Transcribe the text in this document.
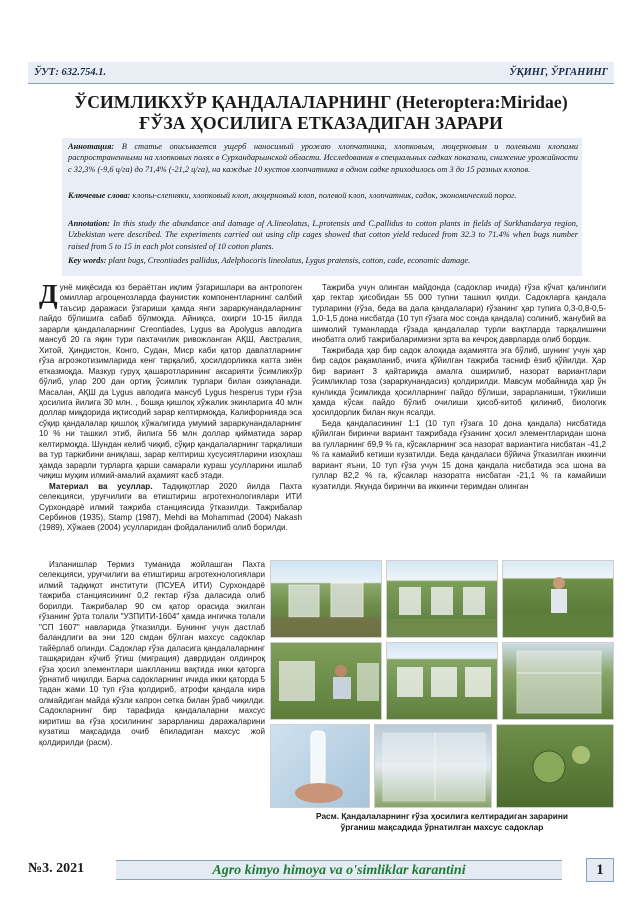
ЎУТ: 632.754.1.	ЎҚИНГ, ЎРГАНИНГ
ЎСИМЛИКХЎР ҚАНДАЛАЛАРНИНГ (Heteroptera:Miridae)
ҒЎЗА ҲОСИЛИГА ЕТКАЗАДИГАН ЗАРАРИ

Аннотация: В статье описывается ущерб наносимый урожаю хлопчатника, хлопковым, люцерновым и полевыми клопами распространенными на хлопковых полях в Сурхандарьинской области. Исследования в специальных садках показали, снижение урожайности с 32,3% (-9,6 ц/га) до 71,4% (-21,2 ц/га), на каждые 10 кустов хлопчатника в одном садке приходилось от 3 до 15 разных клопов.

Ключевые слова: клопы-слепняки, хлопковый клоп, люцерновый клоп, полевой клоп, хлопчатник, садок, экономический порог.

Annotation: In this study the abundance and damage of A.lineolatus, L.protensis and C.pallidus to cotton plants in fields of Surkhandarya region, Uzbekistan were described. The experiments carried out using clip cages showed that cotton yield reduced from 32.3 to 71.4% when bugs number raised from 5 to 15 in each plot consisted of 10 cotton plants.

Key words: plant bugs, Creontiades pallidus, Adelphocoris lineolatus, Lygus pratensis, cotton, cade, economic damage.

Дунё миқёсида юз бераётган иқлим ўзгаришлари ва антропоген омиллар агроценозларда фаунистик компонентларнинг салбий таъсир даражаси ўзгариши ҳамда янги зараркунандаларнинг пайдо бўлишига сабаб бўлмоқда. Айниқса, охирги 10-15 йилда зарарли қандалаларнинг Creontiades, Lygus ва Apolygus авлодига мансуб 20 га яқин тури пахтачилик ривожланган АҚШ, Австралия, Хитой, Ҳиндистон, Конго, Судан, Миср каби қатор давлатларнинг ғўза агроэкотизимларида кенг тарқалиб, ҳосилдорликка катта зиён етказмоқда. Мазкур гуруҳ ҳашаротларининг аксарияти ўсимликхўр бўлиб, улар 200 дан ортиқ ўсимлик турлари билан озиқланади. Масалан, АҚШ да Lygus авлодига мансуб Lygus hesperus тури ғўза ҳосилига йилига 30 млн. , бошқа қишлоқ хўжалик экинларига 40 млн доллар миқдорида иқтисодий зарар келтирмоқда, Калифорнияда эса сўқир қандалалар қишлоқ хўжалигида умумий зараркунандаларнинг 10 % ни ташкил этиб, йилига 56 млн доллар қийматида зарар келтирмоқда. Шундан келиб чиқиб, сўқир қандалаларнинг тарқалиши ва тур таркибини аниқлаш, зарар келтириш хусусиятларини изоҳлаш ҳамда зарарли турларга қарши самарали кураш усулларини ишлаб чиқиш муҳим илмий-амалий аҳамият касб этади.

Материал ва усуллар. Тадқиқотлар 2020 йилда Пахта селекцияси, уруғчилиги ва етиштириш агротехнологиялари ИТИ Сурхондарё илмий тажриба станциясида ўтказилди. Тажрибалар Сербинов (1935), Stamp (1987), Mehdi ва Mohammad (2004) Nakash (1989), Хўжаев (2004) усулларидан фойдаланилиб олиб борилди.

Изланишлар Термиз туманида жойлашган Пахта селекцияси, уруғчилиги ва етиштириш агротехнологиялари илмий тадқиқот институти (ПСУЕА ИТИ) Сурхондарё тажриба станциясининг 0,2 гектар ғўза даласида олиб борилди. Тажрибалар 90 см қатор орасида экилган ғўзанинг ўрта толали "УЗПИТИ-1604" ҳамда ингичка толали "СП 1607" навларида ўтказилди. Буниннг учун дастлаб баландлиги ва эни 120 смдан бўлган махсус садоклар тайёрлаб олинди. Садоклар ғўза даласига қандалаларнинг ташқаридан кўчиб ўтиш (миграция) даврдидан олдинроқ ғўза ҳосил элементлари шаклланиш вақтида икки қаторга ўрнатиб чиқилди. Барча садокларнинг ичида икки қаторда 5 тадан жами 10 туп ғўза қолдириб, атрофи қандала кира олмайдиган майда кўзли капрон сетка билан ўраб чиқилди. Садокларнинг бир тарафида қандалаларни махсус киритиш ва ғўза ҳосилининг зарарланиш даражаларини кузатиш мақсадида очиб ёпиладиган махсус жой қолдирилди (расм).

Тажриба учун олинган майдонда (садоклар ичида) ғўза кўчат қалинлиги ҳар гектар ҳисобидан 55 000 тупни ташкил қилди. Садокларга қандала турларини (ғўза, беда ва дала қандалалари) ғўзанинг ҳар тупига 0,3-0,8-0,5-1,0-1,5 дона нисбатда (10 туп ғўзага мос сонда қандала) солиниб, жанубий ва шимолий туманларда ғўзада қандалалар турли вақтларда тарқалишини инобатга олиб тажрибаларимизни эрта ва кечроқ даврларда олиб бордик.

Тажрибада ҳар бир садок алоҳида аҳамиятга эга бўлиб, шунинг учун ҳар бир садок рақамланиб, ичига қўйилган тажриба тасниф ёзиб қўйилди. Ҳар бир вариант 3 қайтариқда амалга оширилиб, назорат вариантлари ўсимликлар тоза (зараркунандасиз) қолдирилди. Мавсум мобайнида ҳар ўн кунликда ўсимликда ҳосилларнинг пайдо бўлиши, зарарланиши, тўкилиши ҳамда кўсак пайдо бўлиб очилиши ҳисоб-китоб қилиниб, биологик ҳосилдорлик билан якун ясалди.

Беда қандаласининг 1:1 (10 туп ғўзага 10 дона қандала) нисбатида қўйилган биринчи вариант тажрибада ғўзанинг ҳосил элементларидан шона ва гулларнинг 69,9 % га, кўсакларнинг эса назорат вариантига нисбатан -41,2 % га камайиб кетиши кузатилди. Беда қандаласи бўйича ўтказилган иккинчи вариант яъни, 10 туп ғўза учун 15 дона қандала нисбатида эса шона ва гуллар 82,2 % га, кўсаклар назоратга нисбатан -21,1 % га камайиши кузатилди. Якунда биринчи ва иккинчи теримдан олинган

Расм. Қандалаларнинг ғўза ҳосилига келтирадиган зарарини
ўрганиш мақсадида ўрнатилган махсус садоклар
№3. 2021	Agro kimyo himoya va o'simliklar karantini	1
